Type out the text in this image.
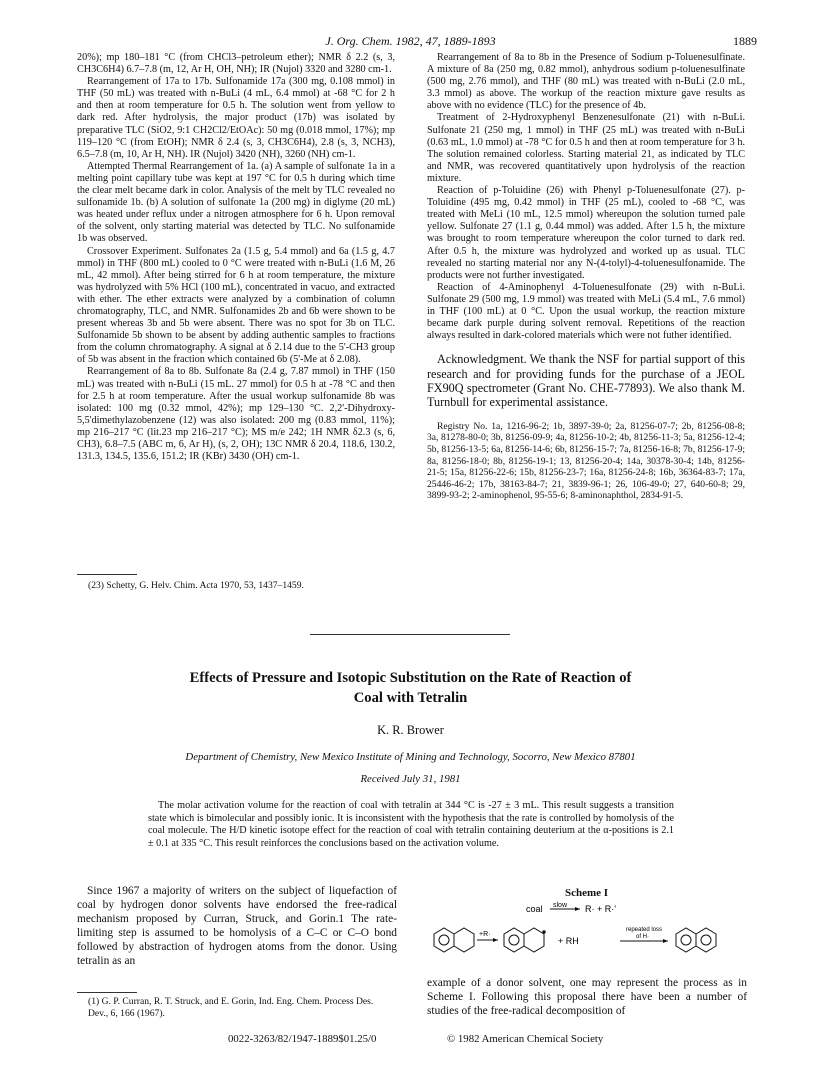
J. Org. Chem. 1982, 47, 1889-1893	1889

20%); mp 180–181 °C (from CHCl3–petroleum ether); NMR δ 2.2 (s, 3, CH3C6H4) 6.7–7.8 (m, 12, Ar H, OH, NH); IR (Nujol) 3320 and 3280 cm-1.

Rearrangement of 17a to 17b. Sulfonamide 17a (300 mg, 0.108 mmol) in THF (50 mL) was treated with n-BuLi (4 mL, 6.4 mmol) at -68 °C for 2 h and then at room temperature for 0.5 h. The solution went from yellow to dark red. After hydrolysis, the major product (17b) was isolated by preparative TLC (SiO2, 9:1 CH2Cl2/EtOAc): 50 mg (0.018 mmol, 17%); mp 119–120 °C (from EtOH); NMR δ 2.4 (s, 3, CH3C6H4), 2.8 (s, 3, NCH3), 6.5–7.8 (m, 10, Ar H, NH). IR (Nujol) 3420 (NH), 3260 (NH) cm-1.

Attempted Thermal Rearrangement of 1a. (a) A sample of sulfonate 1a in a melting point capillary tube was kept at 197 °C for 0.5 h during which time the clear melt became dark in color. Analysis of the melt by TLC revealed no sulfonamide 1b. (b) A solution of sulfonate 1a (200 mg) in diglyme (20 mL) was heated under reflux under a nitrogen atmosphere for 6 h. Upon removal of the solvent, only starting material was detected by TLC. No sulfonamide 1b was observed.

Crossover Experiment. Sulfonates 2a (1.5 g, 5.4 mmol) and 6a (1.5 g, 4.7 mmol) in THF (800 mL) cooled to 0 °C were treated with n-BuLi (1.6 M, 26 mL, 42 mmol). After being stirred for 6 h at room temperature, the mixture was hydrolyzed with 5% HCl (100 mL), concentrated in vacuo, and extracted with ether. The ether extracts were analyzed by a combination of column chromatography, TLC, and NMR. Sulfonamides 2b and 6b were shown to be present whereas 3b and 5b were absent. There was no spot for 3b on TLC. Sulfonamide 5b shown to be absent by adding authentic samples to fractions from the column chromatography. A signal at δ 2.14 due to the 5'-CH3 group of 5b was absent in the fraction which contained 6b (5'-Me at δ 2.08).

Rearrangement of 8a to 8b. Sulfonate 8a (2.4 g, 7.87 mmol) in THF (150 mL) was treated with n-BuLi (15 mL. 27 mmol) for 0.5 h at -78 °C and then for 2.5 h at room temperature. After the usual workup sulfonamide 8b was isolated: 100 mg (0.32 mmol, 42%); mp 129–130 °C. 2,2'-Dihydroxy-5,5'dimethylazobenzene (12) was also isolated: 200 mg (0.83 mmol, 11%); mp 216–217 °C (lit.23 mp 216–217 °C); MS m/e 242; 1H NMR δ2.3 (s, 6, CH3), 6.8–7.5 (ABC m, 6, Ar H), (s, 2, OH); 13C NMR δ 20.4, 118.6, 130.2, 131.3, 134.5, 135.6, 151.2; IR (KBr) 3430 (OH) cm-1.

(23) Schetty, G. Helv. Chim. Acta 1970, 53, 1437–1459.

Rearrangement of 8a to 8b in the Presence of Sodium p-Toluenesulfinate. A mixture of 8a (250 mg, 0.82 mmol), anhydrous sodium p-toluenesulfinate (500 mg, 2.76 mmol), and THF (80 mL) was treated with n-BuLi (2.0 mL, 3.3 mmol) as above. The workup of the reaction mixture gave results as above with no evidence (TLC) for the presence of 4b.

Treatment of 2-Hydroxyphenyl Benzenesulfonate (21) with n-BuLi. Sulfonate 21 (250 mg, 1 mmol) in THF (25 mL) was treated with n-BuLi (0.63 mL, 1.0 mmol) at -78 °C for 0.5 h and then at room temperature for 3 h. The solution remained colorless. Starting material 21, as indicated by TLC and NMR, was recovered quantitatively upon hydrolysis of the reaction mixture.

Reaction of p-Toluidine (26) with Phenyl p-Toluenesulfonate (27). p-Toluidine (495 mg, 0.42 mmol) in THF (25 mL), cooled to -68 °C, was treated with MeLi (10 mL, 12.5 mmol) whereupon the solution turned pale yellow. Sulfonate 27 (1.1 g, 0.44 mmol) was added. After 1.5 h, the mixture was brought to room temperature whereupon the color turned to dark red. After 0.5 h, the mixture was hydrolyzed and worked up as usual. TLC revealed no starting material nor any N-(4-tolyl)-4-toluenesulfonamide. The products were not further investigated.

Reaction of 4-Aminophenyl 4-Toluenesulfonate (29) with n-BuLi. Sulfonate 29 (500 mg, 1.9 mmol) was treated with MeLi (5.4 mL, 7.6 mmol) in THF (100 mL) at 0 °C. Upon the usual workup, the reaction mixture became dark purple during solvent removal. Repetitions of the reaction always resulted in dark-colored materials which were not futher identified.

Acknowledgment. We thank the NSF for partial support of this research and for providing funds for the purchase of a JEOL FX90Q spectrometer (Grant No. CHE-77893). We also thank M. Turnbull for experimental assistance.

Registry No. 1a, 1216-96-2; 1b, 3897-39-0; 2a, 81256-07-7; 2b, 81256-08-8; 3a, 81278-80-0; 3b, 81256-09-9; 4a, 81256-10-2; 4b, 81256-11-3; 5a, 81256-12-4; 5b, 81256-13-5; 6a, 81256-14-6; 6b, 81256-15-7; 7a, 81256-16-8; 7b, 81256-17-9; 8a, 81256-18-0; 8b, 81256-19-1; 13, 81256-20-4; 14a, 30378-30-4; 14b, 81256-21-5; 15a, 81256-22-6; 15b, 81256-23-7; 16a, 81256-24-8; 16b, 36364-83-7; 17a, 25446-46-2; 17b, 38163-84-7; 21, 3839-96-1; 26, 106-49-0; 27, 640-60-8; 29, 3899-93-2; 2-aminophenol, 95-55-6; 8-aminonaphthol, 2834-91-5.

Effects of Pressure and Isotopic Substitution on the Rate of Reaction of
Coal with Tetralin
K. R. Brower
Department of Chemistry, New Mexico Institute of Mining and Technology, Socorro, New Mexico 87801
Received July 31, 1981
The molar activation volume for the reaction of coal with tetralin at 344 °C is -27 ± 3 mL. This result suggests a transition state which is bimolecular and possibly ionic. It is inconsistent with the hypothesis that the rate is controlled by homolysis of the coal molecule. The H/D kinetic isotope effect for the reaction of coal with tetralin containing deuterium at the α-positions is 2.1 ± 0.1 at 335 °C. This result reinforces the conclusions based on the activation volume.

Since 1967 a majority of writers on the subject of liquefaction of coal by hydrogen donor solvents have endorsed the free-radical mechanism proposed by Curran, Struck, and Gorin.1 The rate-limiting step is assumed to be homolysis of a C–C or C–O bond followed by abstraction of hydrogen atoms from the donor. Using tetralin as an

(1) G. P. Curran, R. T. Struck, and E. Gorin, Ind. Eng. Chem. Process Des. Dev., 6, 166 (1967).
Scheme I
coal slow R· + R·'
+R·
+ RH
repeated loss
of H·

example of a donor solvent, one may represent the process as in Scheme I. Following this proposal there have been a number of studies of the free-radical decomposition of

0022-3263/82/1947-1889$01.25/0	© 1982 American Chemical Society
